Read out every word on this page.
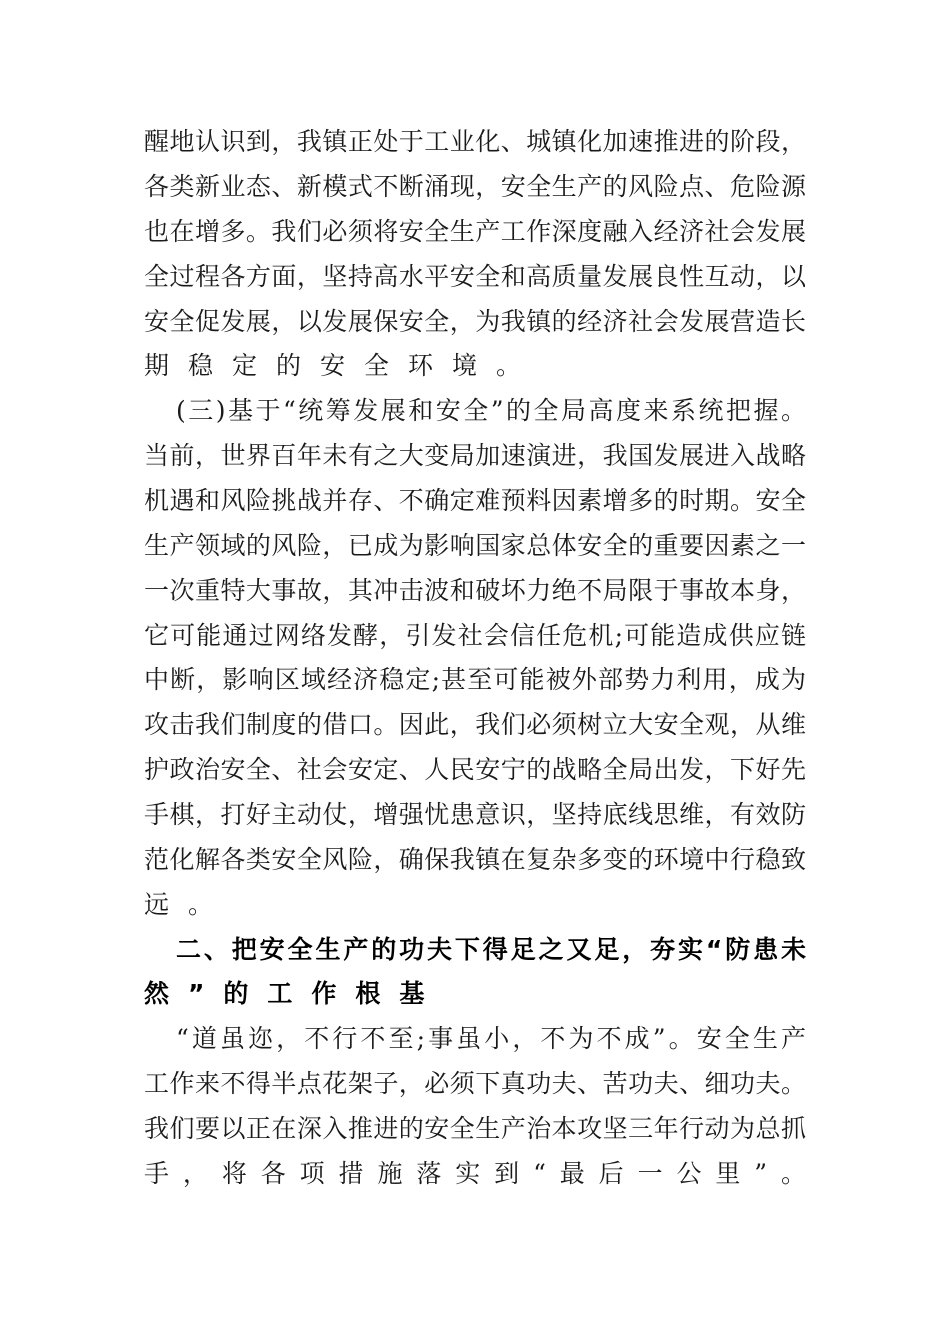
醒地认识到，我镇正处于工业化、城镇化加速推进的阶段，
各类新业态、新模式不断涌现，安全生产的风险点、危险源
也在增多。我们必须将安全生产工作深度融入经济社会发展
全过程各方面，坚持高水平安全和高质量发展良性互动，以
安全促发展，以发展保安全，为我镇的经济社会发展营造长
期稳定的安全环境。
(三)基于“统筹发展和安全”的全局高度来系统把握。
当前，世界百年未有之大变局加速演进，我国发展进入战略
机遇和风险挑战并存、不确定难预料因素增多的时期。安全
生产领域的风险，已成为影响国家总体安全的重要因素之一
一次重特大事故，其冲击波和破坏力绝不局限于事故本身，
它可能通过网络发酵，引发社会信任危机;可能造成供应链
中断，影响区域经济稳定;甚至可能被外部势力利用，成为
攻击我们制度的借口。因此，我们必须树立大安全观，从维
护政治安全、社会安定、人民安宁的战略全局出发，下好先
手棋，打好主动仗，增强忧患意识，坚持底线思维，有效防
范化解各类安全风险，确保我镇在复杂多变的环境中行稳致
远。
二、把安全生产的功夫下得足之又足，夯实“防患未
然”的工作根基
“道虽迩，不行不至;事虽小，不为不成”。安全生产
工作来不得半点花架子，必须下真功夫、苦功夫、细功夫。
我们要以正在深入推进的安全生产治本攻坚三年行动为总抓
手，将各项措施落实到“最后一公里”。
